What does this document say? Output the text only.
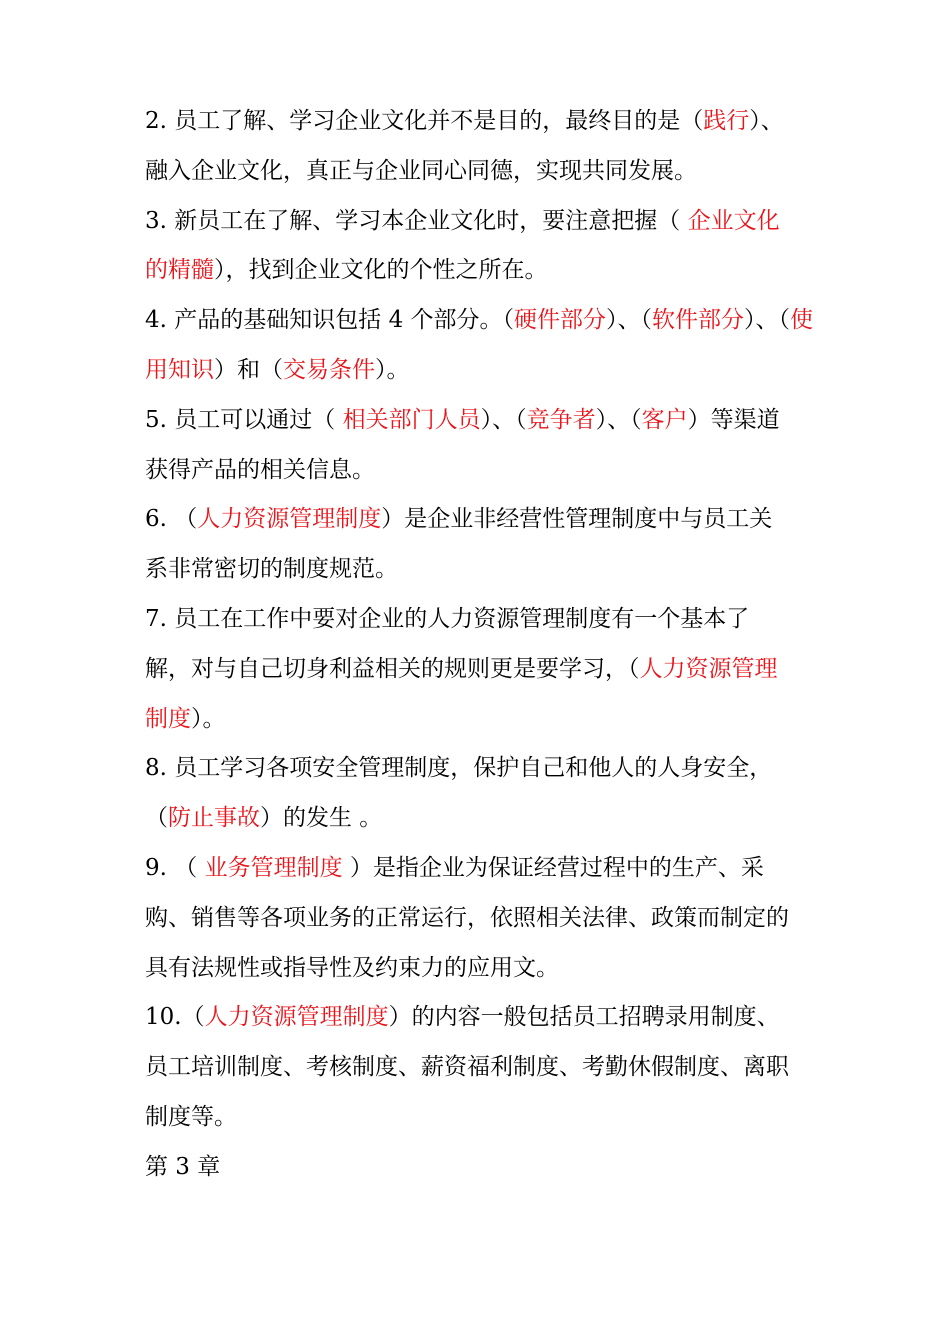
2. 员工了解、学习企业文化并不是目的，最终目的是（践行）、
融入企业文化，真正与企业同心同德，实现共同发展。
3. 新员工在了解、学习本企业文化时，要注意把握（ 企业文化
的精髓），找到企业文化的个性之所在。
4. 产品的基础知识包括 4 个部分。（硬件部分）、（软件部分）、（使
用知识）和（交易条件）。
5. 员工可以通过（ 相关部门人员）、（竞争者）、（客户）等渠道
获得产品的相关信息。
6. （人力资源管理制度）是企业非经营性管理制度中与员工关
系非常密切的制度规范。
7. 员工在工作中要对企业的人力资源管理制度有一个基本了
解，对与自己切身利益相关的规则更是要学习，（人力资源管理
制度）。
8. 员工学习各项安全管理制度，保护自己和他人的人身安全，
（防止事故）的发生 。
9. （ 业务管理制度 ）是指企业为保证经营过程中的生产、采
购、销售等各项业务的正常运行，依照相关法律、政策而制定的
具有法规性或指导性及约束力的应用文。
10.（人力资源管理制度）的内容一般包括员工招聘录用制度、
员工培训制度、考核制度、薪资福利制度、考勤休假制度、离职
制度等。
第 3 章
